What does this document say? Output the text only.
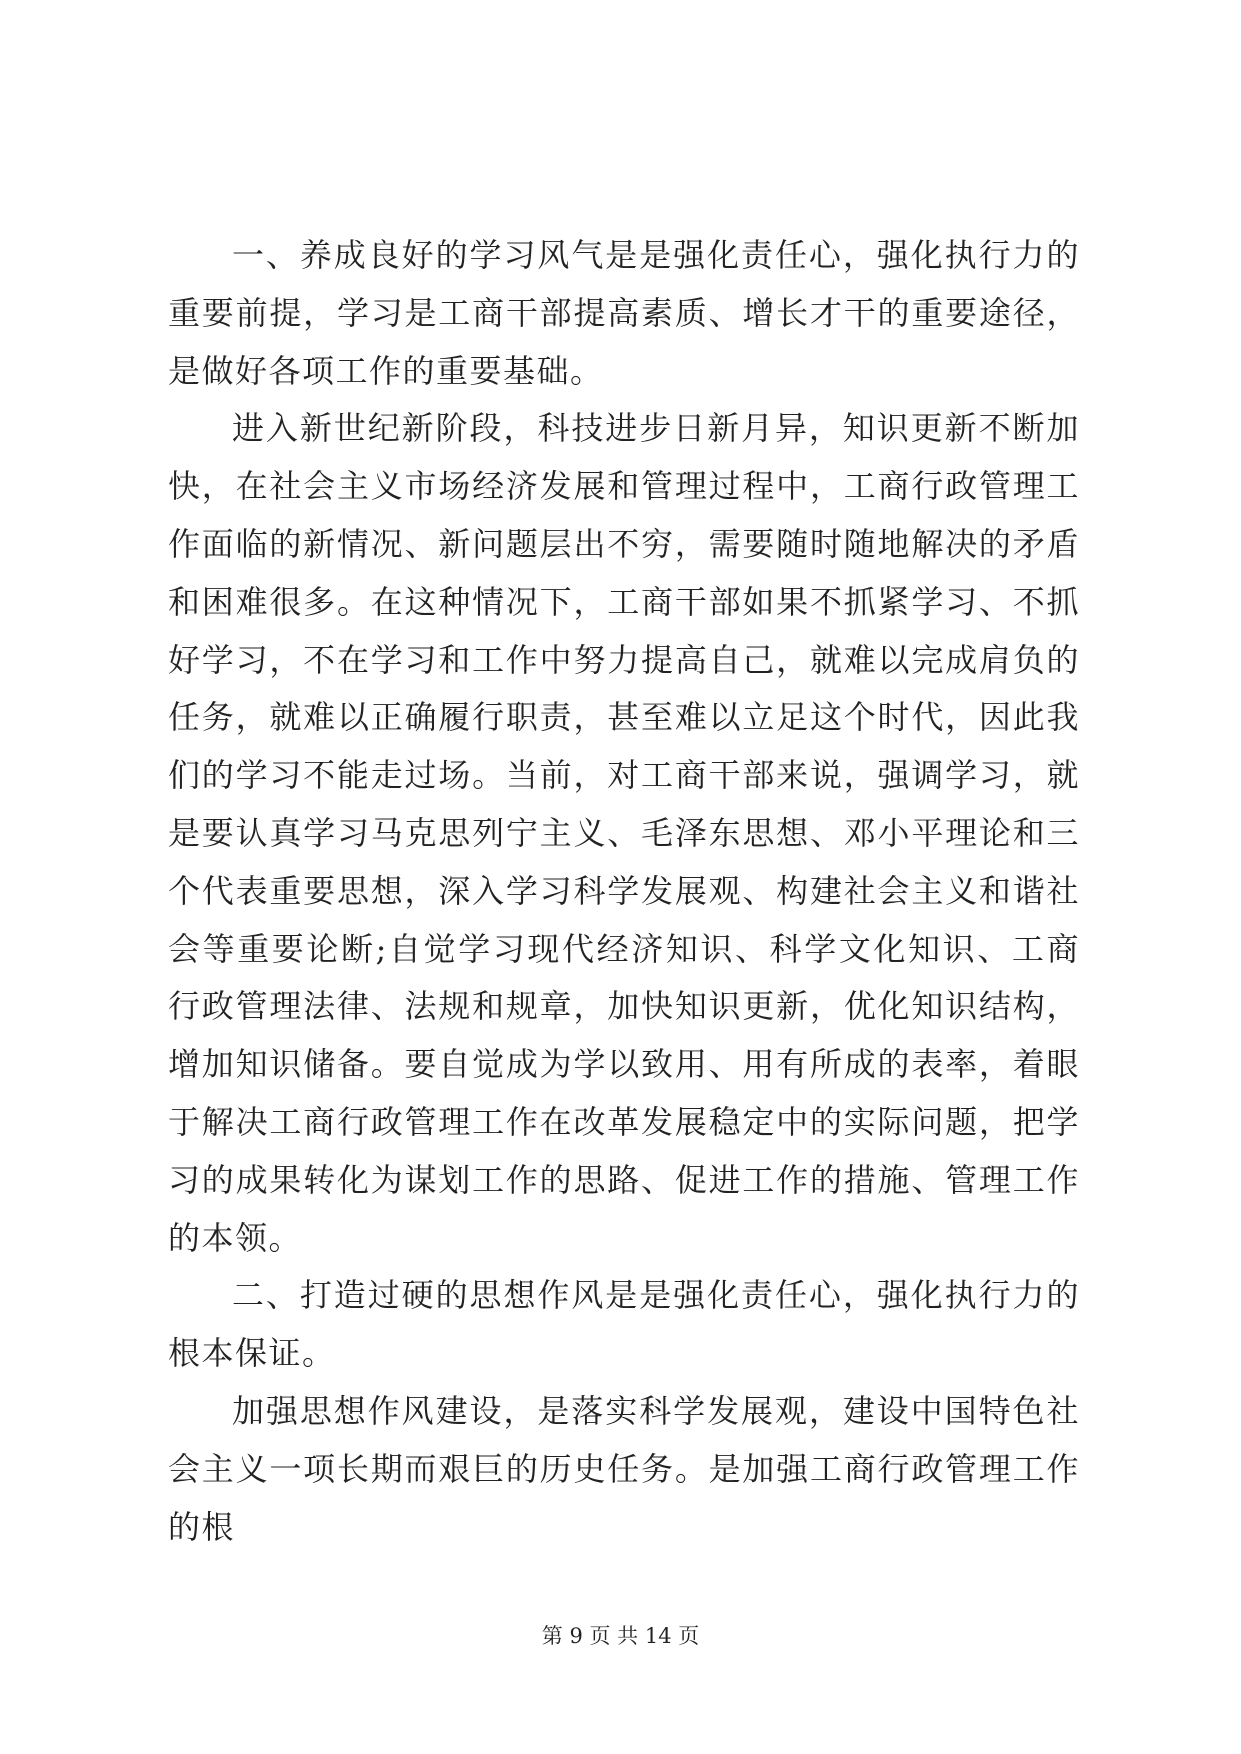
一、养成良好的学习风气是是强化责任心，强化执行力的重要前提，学习是工商干部提高素质、增长才干的重要途径，是做好各项工作的重要基础。

进入新世纪新阶段，科技进步日新月异，知识更新不断加快，在社会主义市场经济发展和管理过程中，工商行政管理工作面临的新情况、新问题层出不穷，需要随时随地解决的矛盾和困难很多。在这种情况下，工商干部如果不抓紧学习、不抓好学习，不在学习和工作中努力提高自己，就难以完成肩负的任务，就难以正确履行职责，甚至难以立足这个时代，因此我们的学习不能走过场。当前，对工商干部来说，强调学习，就是要认真学习马克思列宁主义、毛泽东思想、邓小平理论和三个代表重要思想，深入学习科学发展观、构建社会主义和谐社会等重要论断;自觉学习现代经济知识、科学文化知识、工商行政管理法律、法规和规章，加快知识更新，优化知识结构，增加知识储备。要自觉成为学以致用、用有所成的表率，着眼于解决工商行政管理工作在改革发展稳定中的实际问题，把学习的成果转化为谋划工作的思路、促进工作的措施、管理工作的本领。

二、打造过硬的思想作风是是强化责任心，强化执行力的根本保证。

加强思想作风建设，是落实科学发展观，建设中国特色社会主义一项长期而艰巨的历史任务。是加强工商行政管理工作的根

第 9 页 共 14 页
